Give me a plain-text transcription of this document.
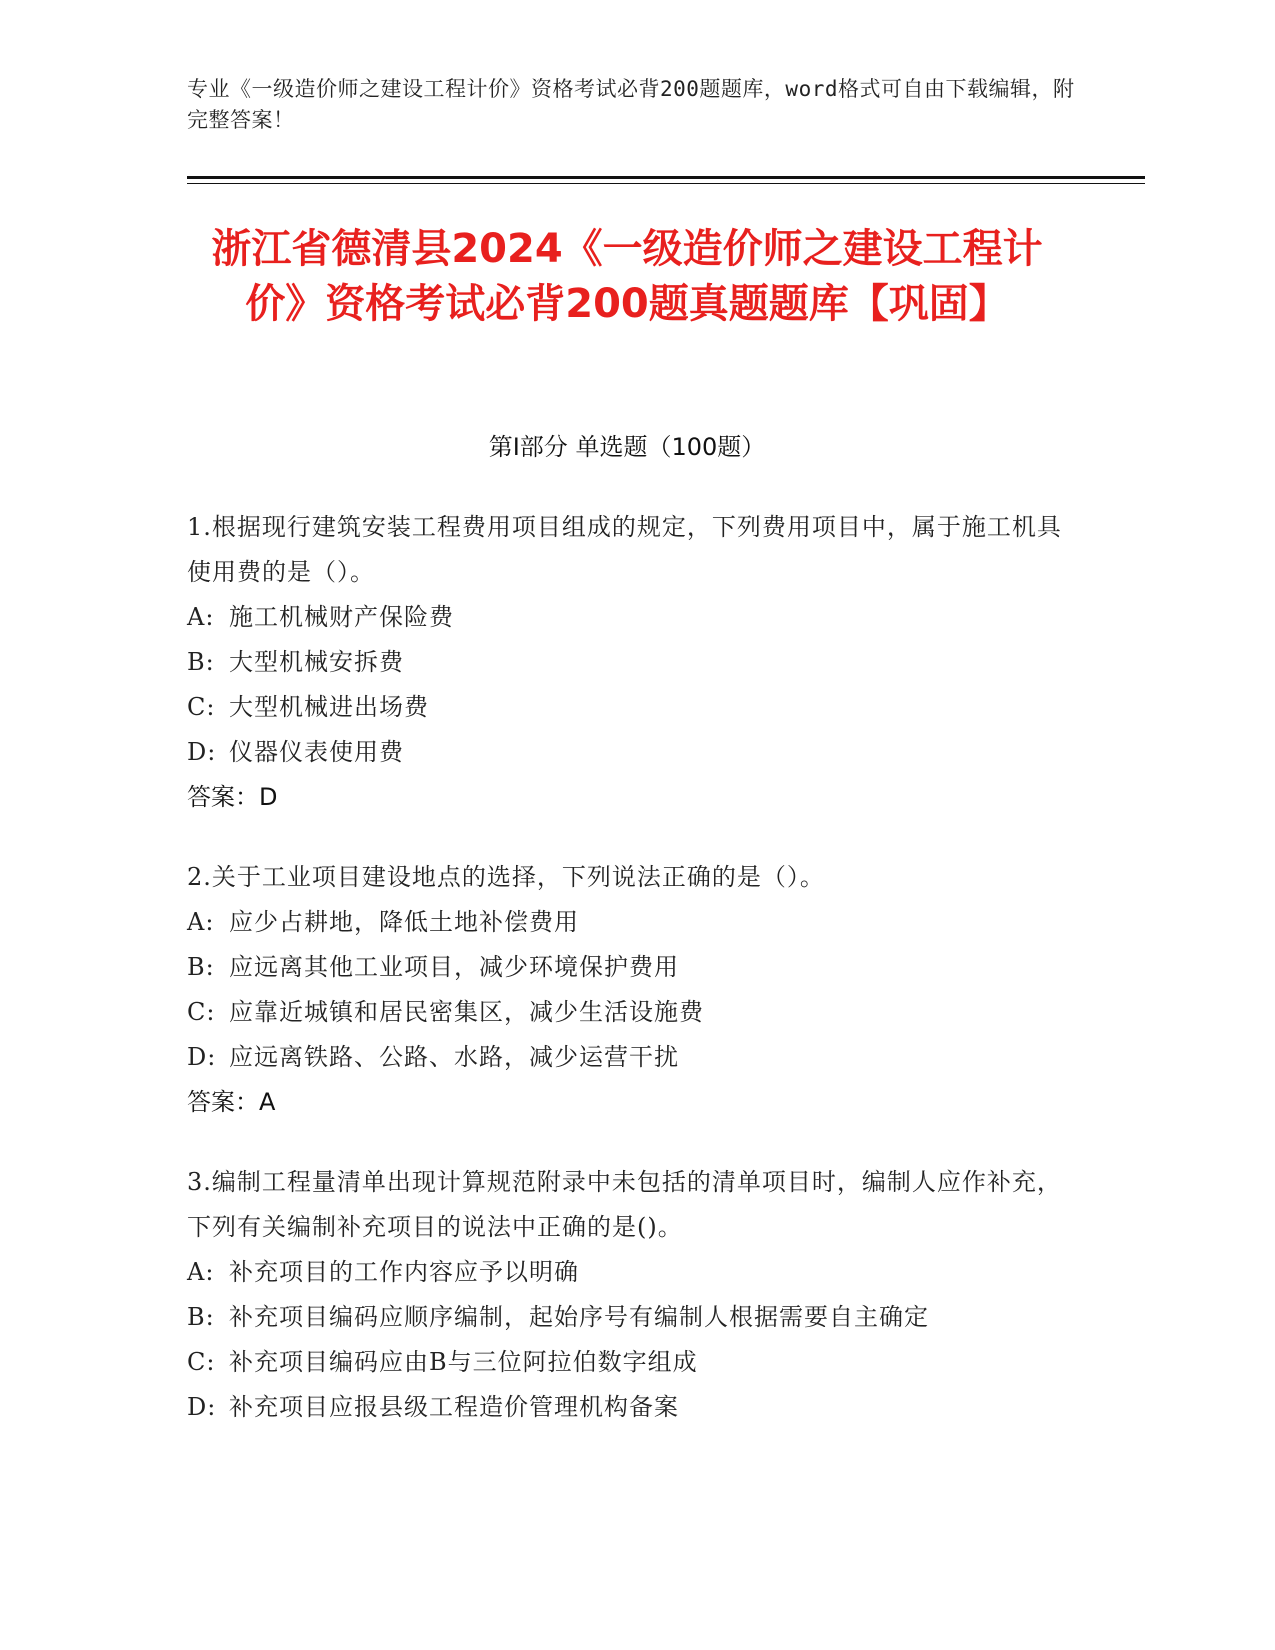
专业《一级造价师之建设工程计价》资格考试必背200题题库，word格式可自由下载编辑，附完整答案！
浙江省德清县2024《一级造价师之建设工程计价》资格考试必背200题真题题库【巩固】
第I部分 单选题（100题）
1.根据现行建筑安装工程费用项目组成的规定，下列费用项目中，属于施工机具使用费的是（）。
A: 施工机械财产保险费
B: 大型机械安拆费
C: 大型机械进出场费
D: 仪器仪表使用费
答案：D
2.关于工业项目建设地点的选择，下列说法正确的是（）。
A: 应少占耕地，降低土地补偿费用
B: 应远离其他工业项目，减少环境保护费用
C: 应靠近城镇和居民密集区，减少生活设施费
D: 应远离铁路、公路、水路，减少运营干扰
答案：A
3.编制工程量清单出现计算规范附录中未包括的清单项目时，编制人应作补充，下列有关编制补充项目的说法中正确的是()。
A: 补充项目的工作内容应予以明确
B: 补充项目编码应顺序编制，起始序号有编制人根据需要自主确定
C: 补充项目编码应由B与三位阿拉伯数字组成
D: 补充项目应报县级工程造价管理机构备案
